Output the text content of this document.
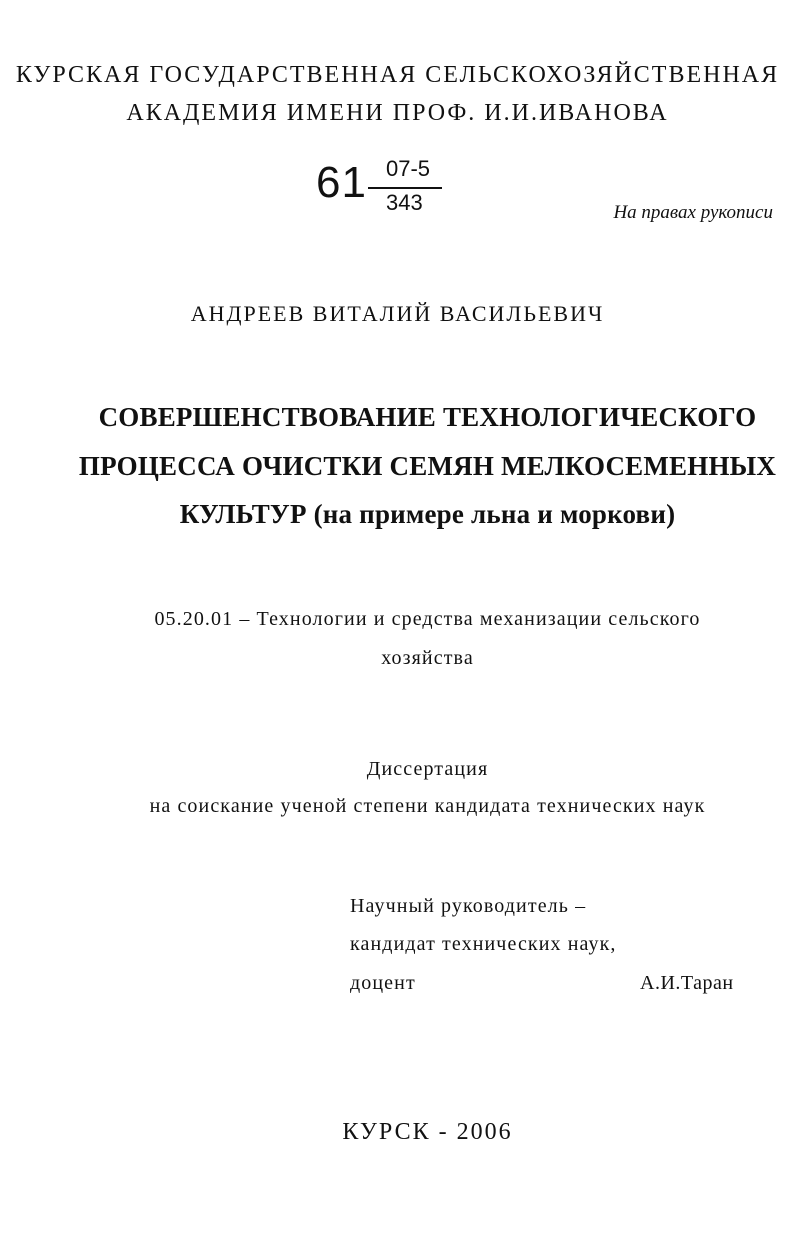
КУРСКАЯ ГОСУДАРСТВЕННАЯ СЕЛЬСКОХОЗЯЙСТВЕННАЯ
АКАДЕМИЯ ИМЕНИ ПРОФ. И.И.ИВАНОВА
61 07-5
343	На правах рукописи
АНДРЕЕВ ВИТАЛИЙ ВАСИЛЬЕВИЧ
СОВЕРШЕНСТВОВАНИЕ ТЕХНОЛОГИЧЕСКОГО
ПРОЦЕССА ОЧИСТКИ СЕМЯН МЕЛКОСЕМЕННЫХ
КУЛЬТУР (на примере льна и моркови)
05.20.01 – Технологии и средства механизации сельского
хозяйства
Диссертация
на соискание ученой степени кандидата технических наук
Научный руководитель –
кандидат технических наук,
доцент	А.И.Таран
КУРСК - 2006
